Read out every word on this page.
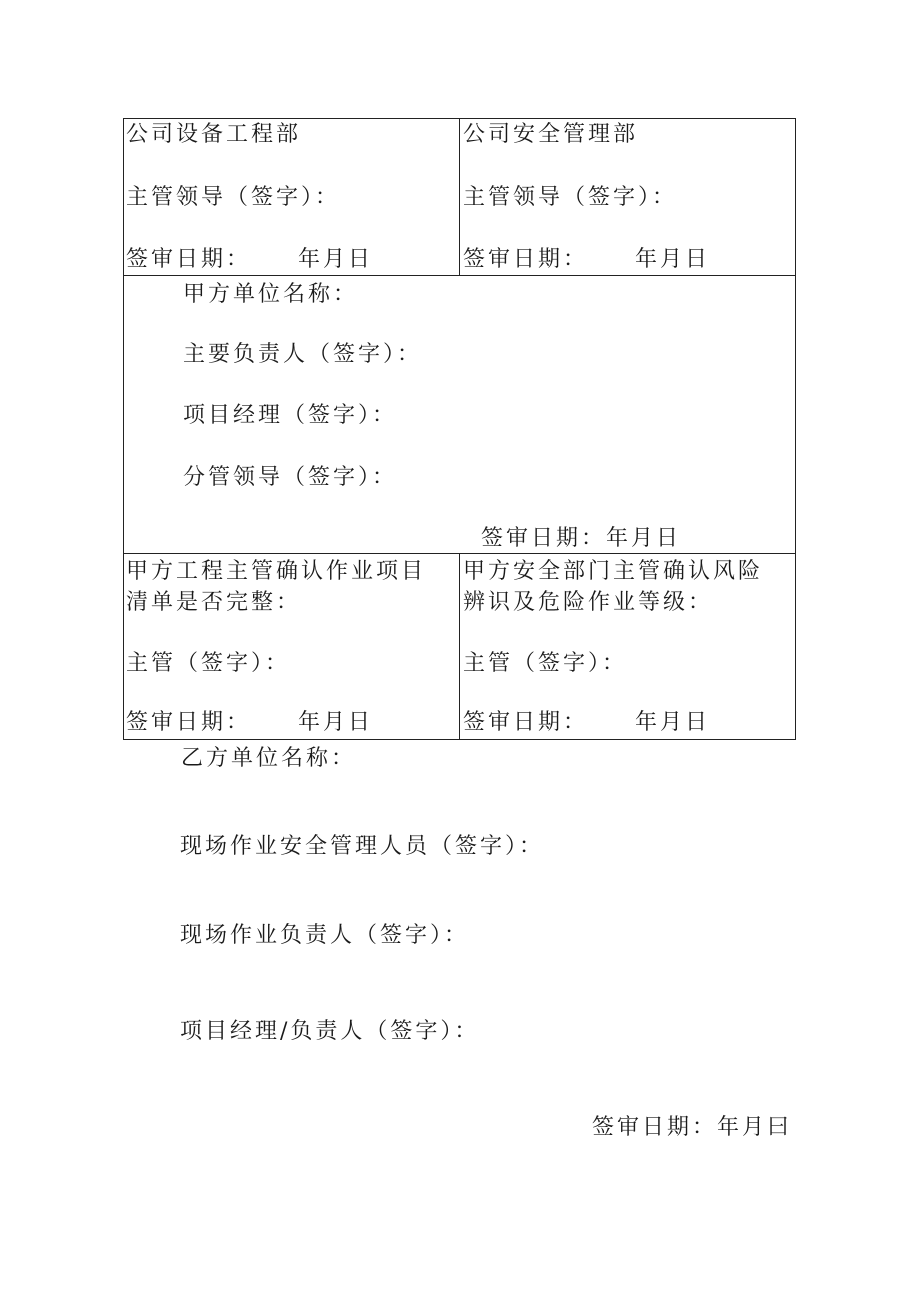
公司设备工程部
主管领导（签字）：
签审日期： 年月日
公司安全管理部
主管领导（签字）：
签审日期： 年月日
甲方单位名称：
主要负责人（签字）：
项目经理（签字）：
分管领导（签字）：
签审日期：年月日
甲方工程主管确认作业项目
清单是否完整：
主管（签字）：
签审日期： 年月日
甲方安全部门主管确认风险
辨识及危险作业等级：
主管（签字）：
签审日期： 年月日
乙方单位名称：
现场作业安全管理人员（签字）：
现场作业负责人（签字）：
项目经理/负责人（签字）：
签审日期：年月曰
